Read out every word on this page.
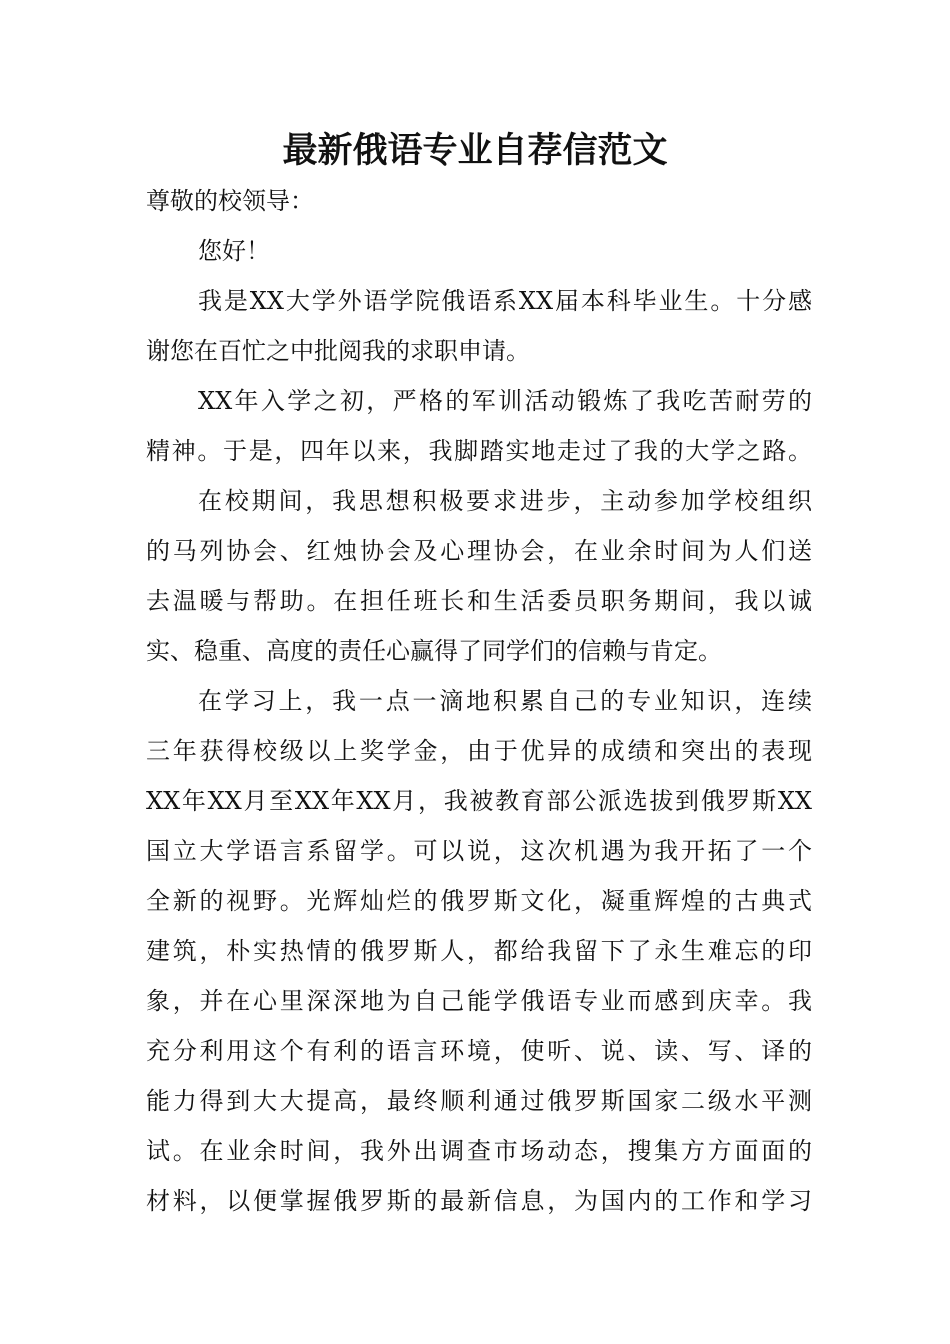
最新俄语专业自荐信范文
尊敬的校领导：
您好！
我是XX大学外语学院俄语系XX届本科毕业生。十分感
谢您在百忙之中批阅我的求职申请。
XX年入学之初，严格的军训活动锻炼了我吃苦耐劳的
精神。于是，四年以来，我脚踏实地走过了我的大学之路。
在校期间，我思想积极要求进步，主动参加学校组织
的马列协会、红烛协会及心理协会，在业余时间为人们送
去温暖与帮助。在担任班长和生活委员职务期间，我以诚
实、稳重、高度的责任心赢得了同学们的信赖与肯定。
在学习上，我一点一滴地积累自己的专业知识，连续
三年获得校级以上奖学金，由于优异的成绩和突出的表现
XX年XX月至XX年XX月，我被教育部公派选拔到俄罗斯XX
国立大学语言系留学。可以说，这次机遇为我开拓了一个
全新的视野。光辉灿烂的俄罗斯文化，凝重辉煌的古典式
建筑，朴实热情的俄罗斯人，都给我留下了永生难忘的印
象，并在心里深深地为自己能学俄语专业而感到庆幸。我
充分利用这个有利的语言环境，使听、说、读、写、译的
能力得到大大提高，最终顺利通过俄罗斯国家二级水平测
试。在业余时间，我外出调查市场动态，搜集方方面面的
材料，以便掌握俄罗斯的最新信息，为国内的工作和学习
